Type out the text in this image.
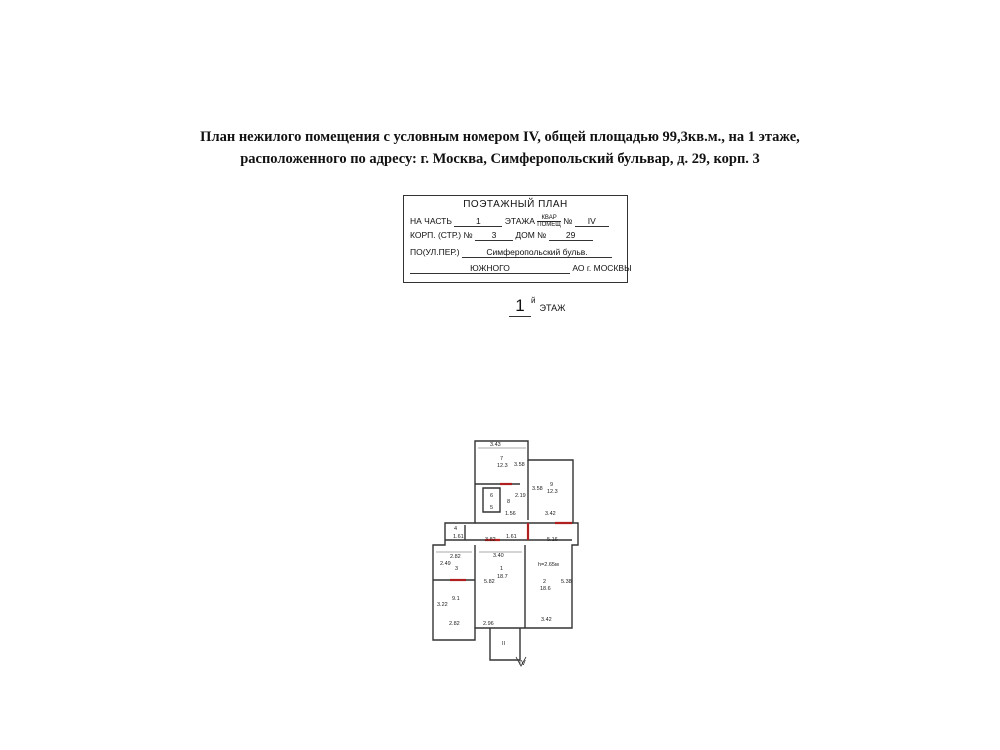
План нежилого помещения с условным номером IV, общей площадью 99,3кв.м., на 1 этаже,
расположенного по адресу: г. Москва, Симферопольский бульвар, д. 29, корп. 3
ПОЭТАЖНЫЙ ПЛАН
НА ЧАСТЬ	1	ЭТАЖА	КВАР
ПОМЕЩ № IV
КОРП. (СТР.) № 3 ДОМ № 29
ПО(УЛ.ПЕР.)	Симферопольский бульв.
ЮЖНОГО	АО г. МОСКВЫ
1 $^й$ЭТАЖ
3.43
7
12.3 3.58
9
12.3
3.58
2.19
6
8
5
1.56	3.42
4
1.61	1.61
3.82	5.16
2.82	3.40
2.49
3	1
18.7
5.82
h=2.65м
2
18.6
5.38
3.22
9.1
2.82	2.96
3.42
II
IV
